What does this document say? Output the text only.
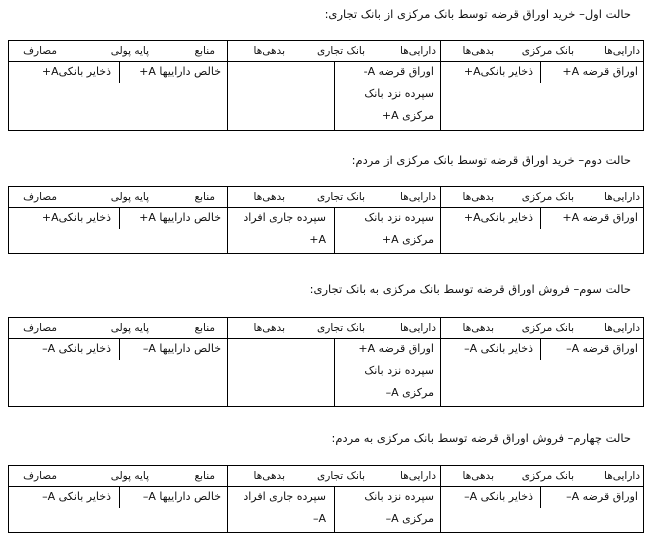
حالت اول– خرید اوراق قرضه توسط بانک مرکزی از بانک تجاری:
دارایی‌ها
بانک مرکزی
بدهی‌ها
اوراق قرضه A+
ذخایر بانکیA+
دارایی‌ها
بانک تجاری
بدهی‌ها
اوراق قرضه A-
سپرده نزد بانک مرکزی A+
منابع
پایه پولی
مصارف
خالص داراییها A+
ذخایر بانکیA+
حالت دوم– خرید اوراق قرضه توسط بانک مرکزی از مردم:
دارایی‌ها
بانک مرکزی
بدهی‌ها
اوراق قرضه A+
ذخایر بانکیA+
دارایی‌ها
بانک تجاری
بدهی‌ها
سپرده نزد بانک مرکزی A+
سپرده جاری افراد A+
منابع
پایه پولی
مصارف
خالص داراییها A+
ذخایر بانکیA+
حالت سوم– فروش اوراق قرضه توسط بانک مرکزی به بانک تجاری:
دارایی‌ها
بانک مرکزی
بدهی‌ها
اوراق قرضه A–
ذخایر بانکی A–
دارایی‌ها
بانک تجاری
بدهی‌ها
اوراق قرضه A+
سپرده نزد بانک مرکزی A–
منابع
پایه پولی
مصارف
خالص داراییها A–
ذخایر بانکی A–
حالت چهارم– فروش اوراق قرضه توسط بانک مرکزی به مردم:
دارایی‌ها
بانک مرکزی
بدهی‌ها
اوراق قرضه A–
ذخایر بانکی A–
دارایی‌ها
بانک تجاری
بدهی‌ها
سپرده نزد بانک مرکزی A–
سپرده جاری افراد A–
منابع
پایه پولی
مصارف
خالص داراییها A–
ذخایر بانکی A–
